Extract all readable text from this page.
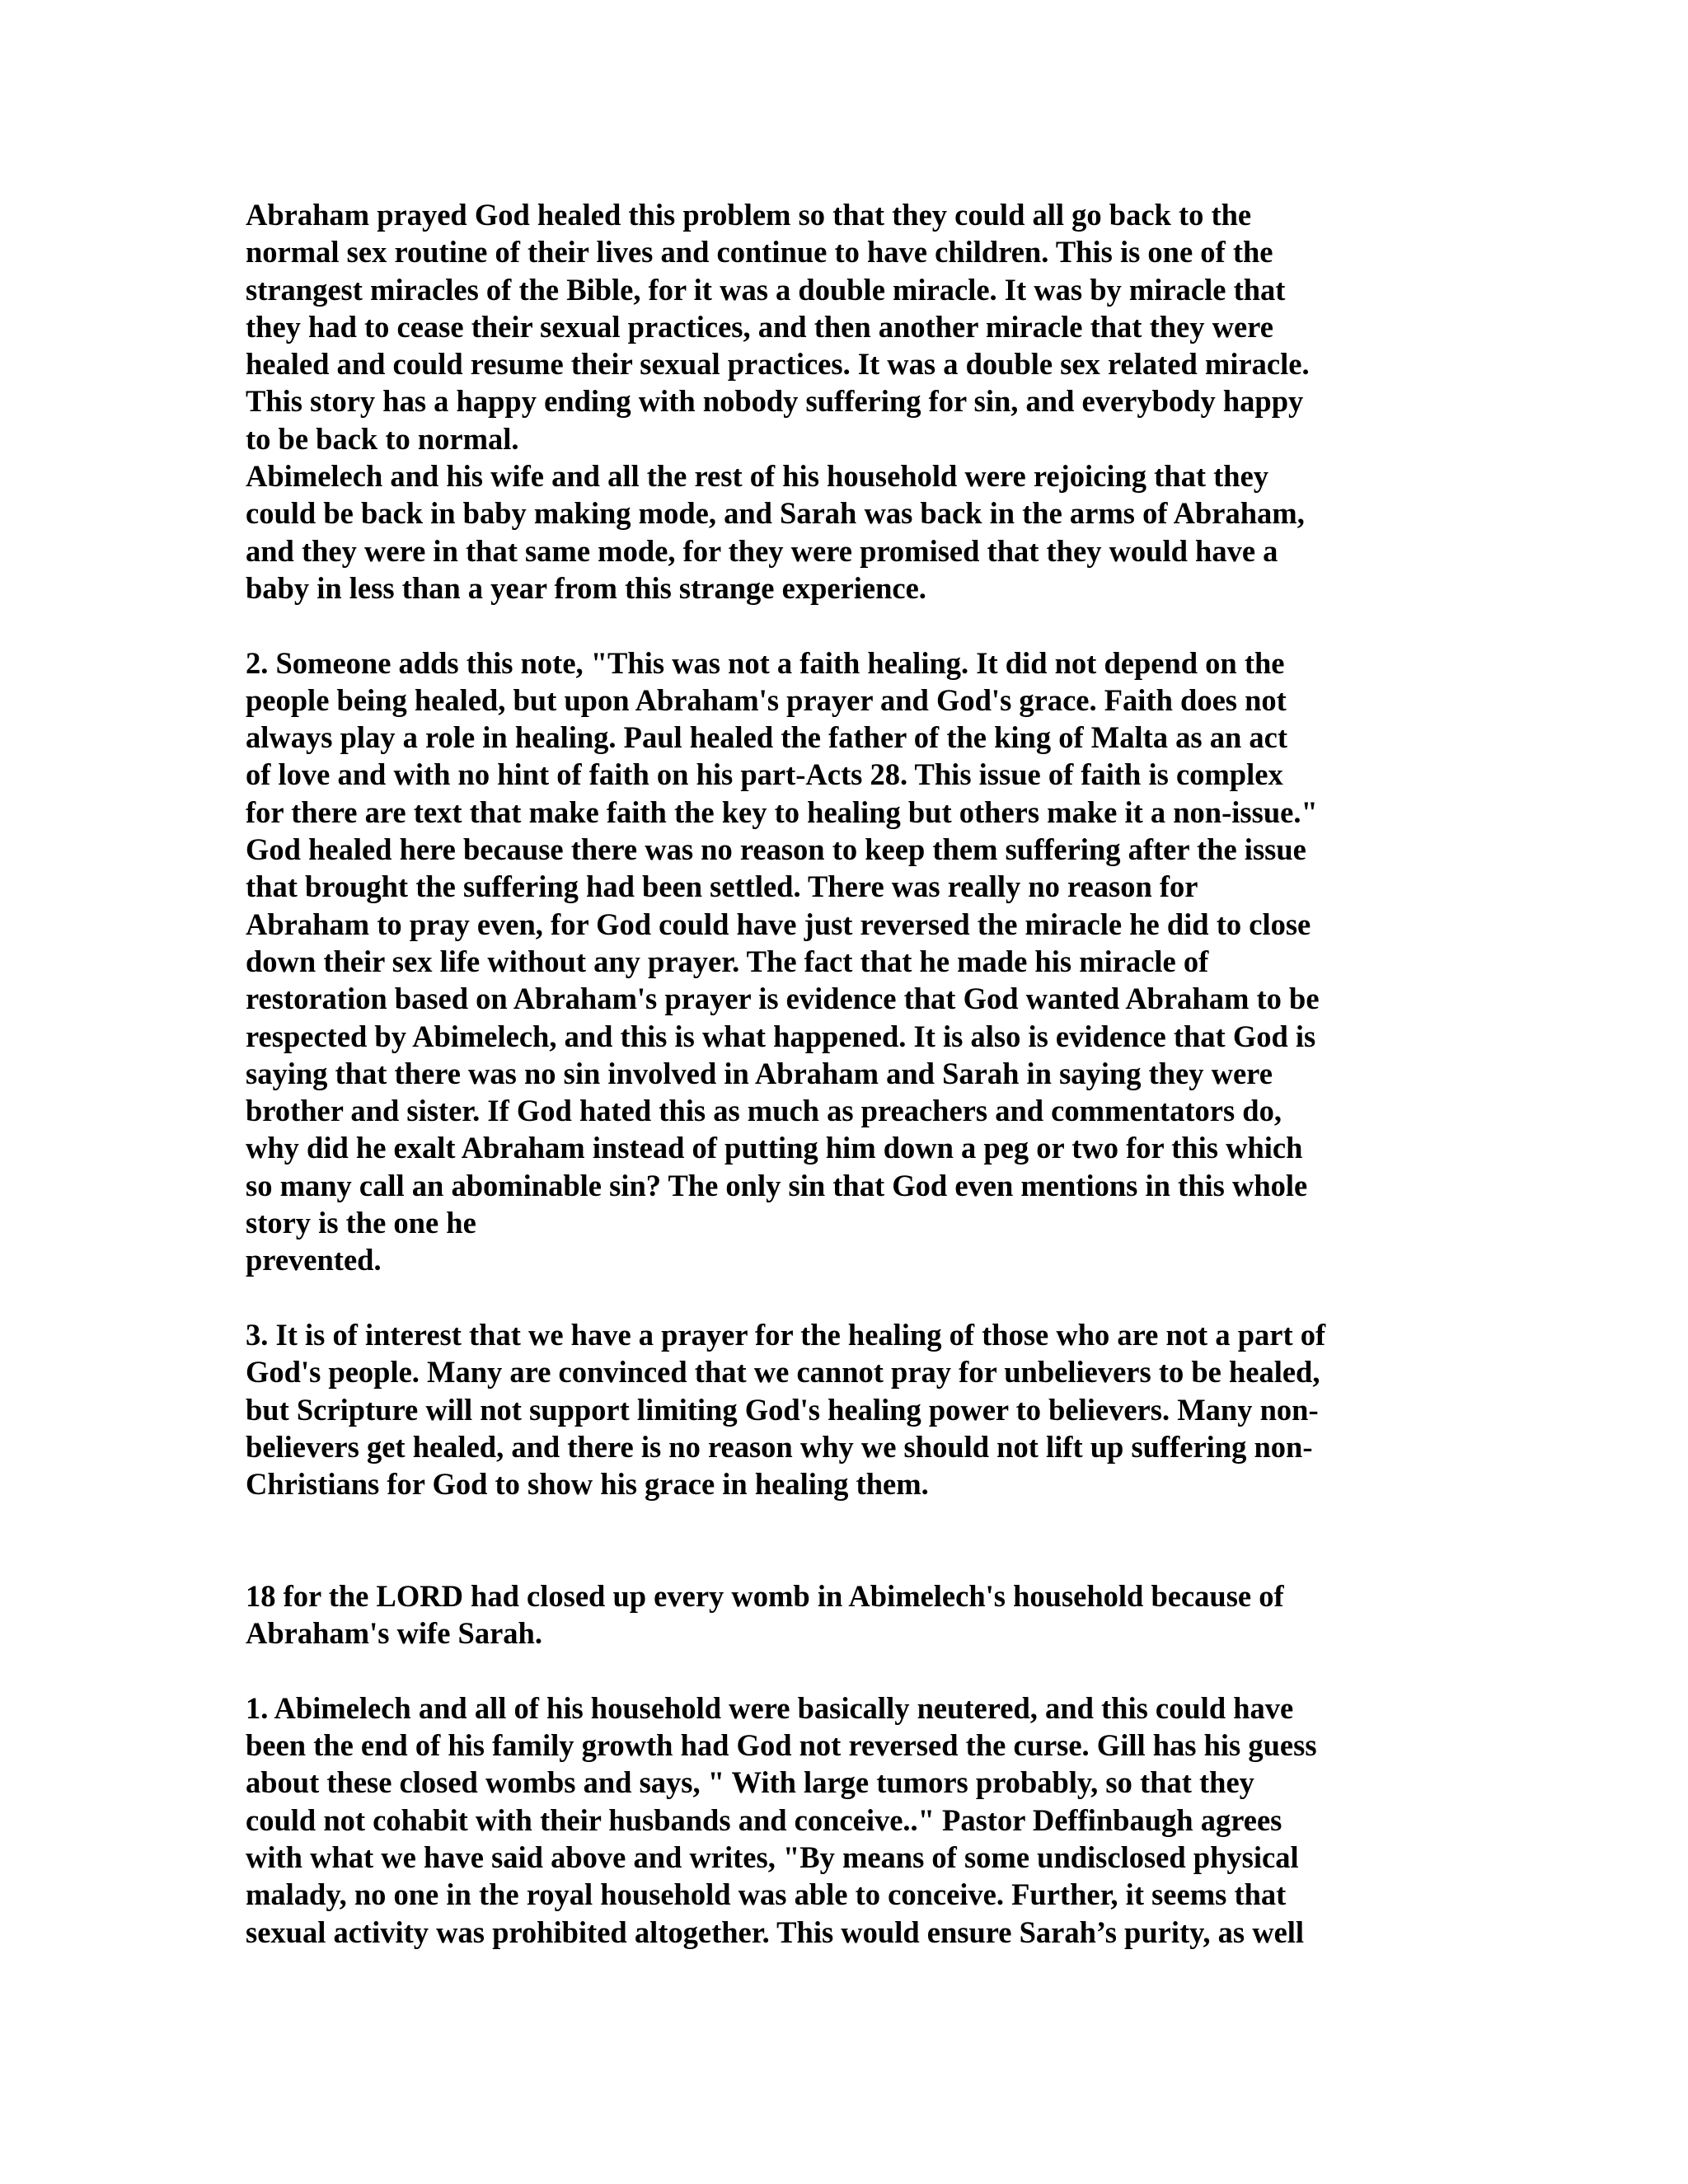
Abraham prayed God healed this problem so that they could all go back to the
normal sex routine of their lives and continue to have children. This is one of the
strangest miracles of the Bible, for it was a double miracle. It was by miracle that
they had to cease their sexual practices, and then another miracle that they were
healed and could resume their sexual practices. It was a double sex related miracle.
This story has a happy ending with nobody suffering for sin, and everybody happy
to be back to normal.
Abimelech and his wife and all the rest of his household were rejoicing that they
could be back in baby making mode, and Sarah was back in the arms of Abraham,
and they were in that same mode, for they were promised that they would have a
baby in less than a year from this strange experience.
2. Someone adds this note, "This was not a faith healing. It did not depend on the
people being healed, but upon Abraham's prayer and God's grace. Faith does not
always play a role in healing. Paul healed the father of the king of Malta as an act
of love and with no hint of faith on his part-Acts 28. This issue of faith is complex
for there are text that make faith the key to healing but others make it a non-issue."
God healed here because there was no reason to keep them suffering after the issue
that brought the suffering had been settled. There was really no reason for
Abraham to pray even, for God could have just reversed the miracle he did to close
down their sex life without any prayer. The fact that he made his miracle of
restoration based on Abraham's prayer is evidence that God wanted Abraham to be
respected by Abimelech, and this is what happened. It is also is evidence that God is
saying that there was no sin involved in Abraham and Sarah in saying they were
brother and sister. If God hated this as much as preachers and commentators do,
why did he exalt Abraham instead of putting him down a peg or two for this which
so many call an abominable sin? The only sin that God even mentions in this whole
story is the one he
prevented.
3. It is of interest that we have a prayer for the healing of those who are not a part of
God's people. Many are convinced that we cannot pray for unbelievers to be healed,
but Scripture will not support limiting God's healing power to believers. Many non-
believers get healed, and there is no reason why we should not lift up suffering non-
Christians for God to show his grace in healing them.
18 for the LORD had closed up every womb in Abimelech's household because of
Abraham's wife Sarah.
1. Abimelech and all of his household were basically neutered, and this could have
been the end of his family growth had God not reversed the curse. Gill has his guess
about these closed wombs and says, " With large tumors probably, so that they
could not cohabit with their husbands and conceive.." Pastor Deffinbaugh agrees
with what we have said above and writes, "By means of some undisclosed physical
malady, no one in the royal household was able to conceive. Further, it seems that
sexual activity was prohibited altogether. This would ensure Sarah’s purity, as well
